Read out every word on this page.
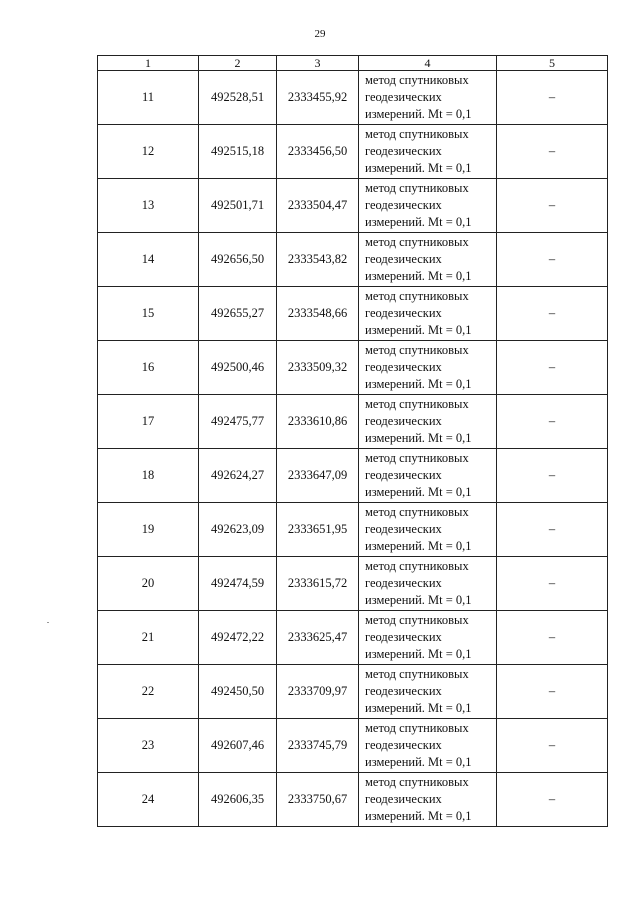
29
1	2	3	4	5
11	492528,51	2333455,92	метод спутниковых
геодезических
измерений. Mt = 0,1	–
12	492515,18	2333456,50	метод спутниковых
геодезических
измерений. Mt = 0,1	–
13	492501,71	2333504,47	метод спутниковых
геодезических
измерений. Mt = 0,1	–
14	492656,50	2333543,82	метод спутниковых
геодезических
измерений. Mt = 0,1	–
15	492655,27	2333548,66	метод спутниковых
геодезических
измерений. Mt = 0,1	–
16	492500,46	2333509,32	метод спутниковых
геодезических
измерений. Mt = 0,1	–
17	492475,77	2333610,86	метод спутниковых
геодезических
измерений. Mt = 0,1	–
18	492624,27	2333647,09	метод спутниковых
геодезических
измерений. Mt = 0,1	–
19	492623,09	2333651,95	метод спутниковых
геодезических
измерений. Mt = 0,1	–
20	492474,59	2333615,72	метод спутниковых
геодезических
измерений. Mt = 0,1	–
21	492472,22	2333625,47	метод спутниковых
геодезических
измерений. Mt = 0,1	–
22	492450,50	2333709,97	метод спутниковых
геодезических
измерений. Mt = 0,1	–
23	492607,46	2333745,79	метод спутниковых
геодезических
измерений. Mt = 0,1	–
24	492606,35	2333750,67	метод спутниковых
геодезических
измерений. Mt = 0,1	–
